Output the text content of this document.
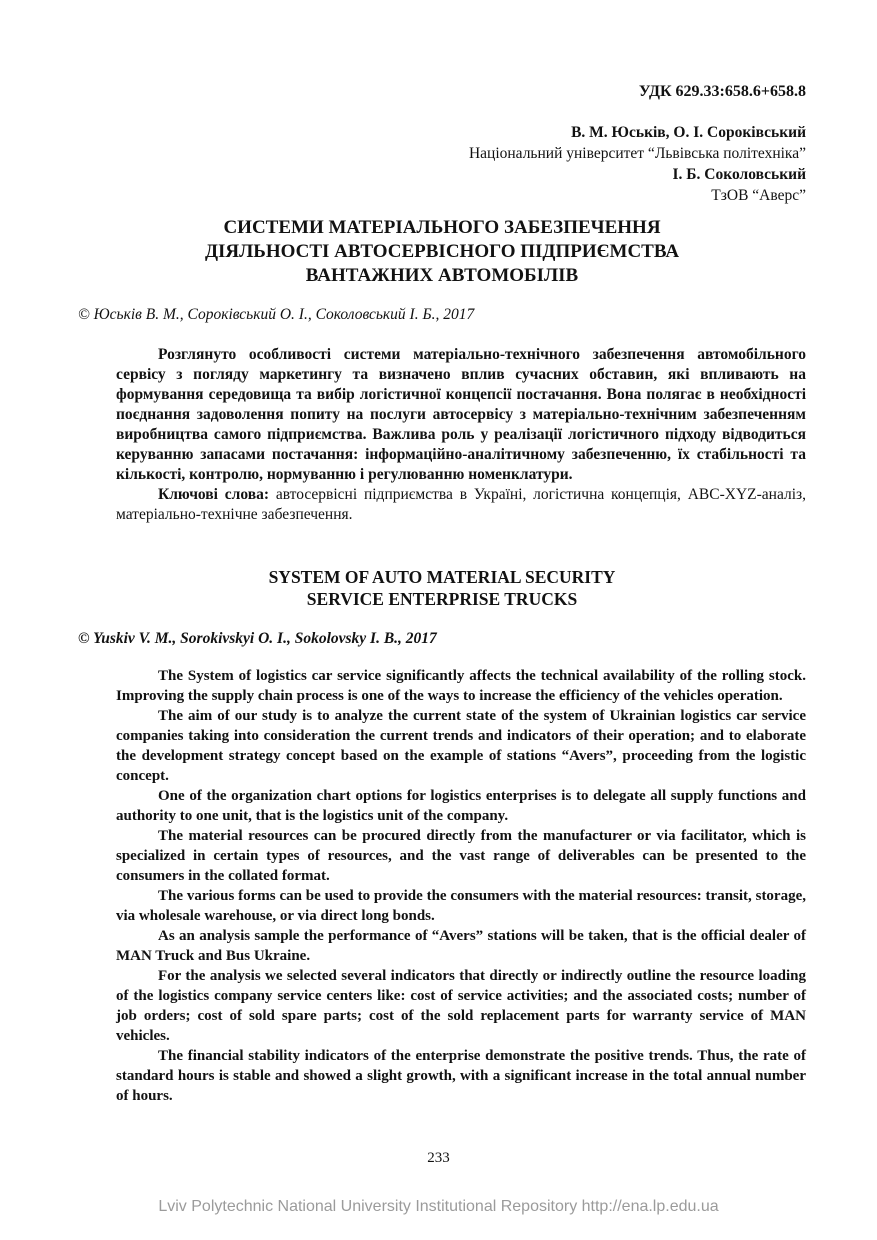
УДК 629.33:658.6+658.8
В. М. Юськів, О. І. Сороківський
Національний університет “Львівська політехніка”
І. Б. Соколовський
ТзОВ “Аверс”
СИСТЕМИ МАТЕРІАЛЬНОГО ЗАБЕЗПЕЧЕННЯ
ДІЯЛЬНОСТІ АВТОСЕРВІСНОГО ПІДПРИЄМСТВА
ВАНТАЖНИХ АВТОМОБІЛІВ
© Юськів В. М., Сороківський О. І., Соколовський І. Б., 2017

Розглянуто особливості системи матеріально-технічного забезпечення автомобільного сервісу з погляду маркетингу та визначено вплив сучасних обставин, які впливають на формування середовища та вибір логістичної концепсії постачання. Вона полягає в необхідності поєднання задоволення попиту на послуги автосервісу з матеріально-технічним забезпеченням виробництва самого підприємства. Важлива роль у реалізації логістичного підходу відводиться керуванню запасами постачання: інформаційно-аналітичному забезпеченню, їх стабільності та кількості, контролю, нормуванню і регулюванню номенклатури.

Ключові слова: автосервісні підприємства в Україні, логістична концепція, ABC-XYZ-аналіз, матеріально-технічне забезпечення.

SYSTEM OF AUTO MATERIAL SECURITY
SERVICE ENTERPRISE TRUCKS
© Yuskiv V. M., Sorokivskyi O. I., Sokolovsky I. B., 2017

The System of logistics car service significantly affects the technical availability of the rolling stock. Improving the supply chain process is one of the ways to increase the efficiency of the vehicles operation.

The aim of our study is to analyze the current state of the system of Ukrainian logistics car service companies taking into consideration the current trends and indicators of their operation; and to elaborate the development strategy concept based on the example of stations “Avers”, proceeding from the logistic concept.

One of the organization chart options for logistics enterprises is to delegate all supply functions and authority to one unit, that is the logistics unit of the company.

The material resources can be procured directly from the manufacturer or via facilitator, which is specialized in certain types of resources, and the vast range of deliverables can be presented to the consumers in the collated format.

The various forms can be used to provide the consumers with the material resources: transit, storage, via wholesale warehouse, or via direct long bonds.

As an analysis sample the performance of “Avers” stations will be taken, that is the official dealer of MAN Truck and Bus Ukraine.

For the analysis we selected several indicators that directly or indirectly outline the resource loading of the logistics company service centers like: cost of service activities; and the associated costs; number of job orders; cost of sold spare parts; cost of the sold replacement parts for warranty service of MAN vehicles.

The financial stability indicators of the enterprise demonstrate the positive trends. Thus, the rate of standard hours is stable and showed a slight growth, with a significant increase in the total annual number of hours.

233
Lviv Polytechnic National University Institutional Repository http://ena.lp.edu.ua
